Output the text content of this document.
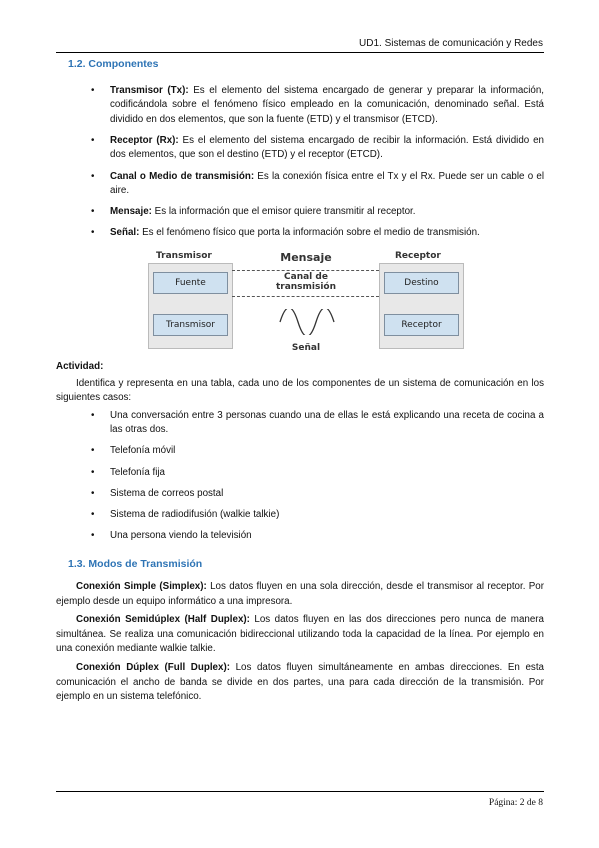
UD1. Sistemas de comunicación y Redes
1.2. Componentes
• Transmisor (Tx): Es el elemento del sistema encargado de generar y preparar la información, codificándola sobre el fenómeno físico empleado en la comunicación, denominado señal. Está dividido en dos elementos, que son la fuente (ETD) y el transmisor (ETCD).
• Receptor (Rx): Es el elemento del sistema encargado de recibir la información. Está dividido en dos elementos, que son el destino (ETD) y el receptor (ETCD).
• Canal o Medio de transmisión: Es la conexión física entre el Tx y el Rx. Puede ser un cable o el aire.
• Mensaje: Es la información que el emisor quiere transmitir al receptor.
• Señal: Es el fenómeno físico que porta la información sobre el medio de transmisión.
Transmisor	Receptor
Fuente
Transmisor
Destino
Receptor
Mensaje
Canal de
transmisión
Señal

Actividad:

Identifica y representa en una tabla, cada uno de los componentes de un sistema de comunicación en los siguientes casos:

• Una conversación entre 3 personas cuando una de ellas le está explicando una receta de cocina a las otras dos.
• Telefonía móvil
• Telefonía fija
• Sistema de correos postal
• Sistema de radiodifusión (walkie talkie)
• Una persona viendo la televisión
1.3. Modos de Transmisión

Conexión Simple (Simplex): Los datos fluyen en una sola dirección, desde el transmisor al receptor. Por ejemplo desde un equipo informático a una impresora.

Conexión Semidúplex (Half Duplex): Los datos fluyen en las dos direcciones pero nunca de manera simultánea. Se realiza una comunicación bidireccional utilizando toda la capacidad de la línea. Por ejemplo en una conexión mediante walkie talkie.

Conexión Dúplex (Full Duplex): Los datos fluyen simultáneamente en ambas direcciones. En esta comunicación el ancho de banda se divide en dos partes, una para cada dirección de la transmisión. Por ejemplo en un sistema telefónico.

Página: 2 de 8
